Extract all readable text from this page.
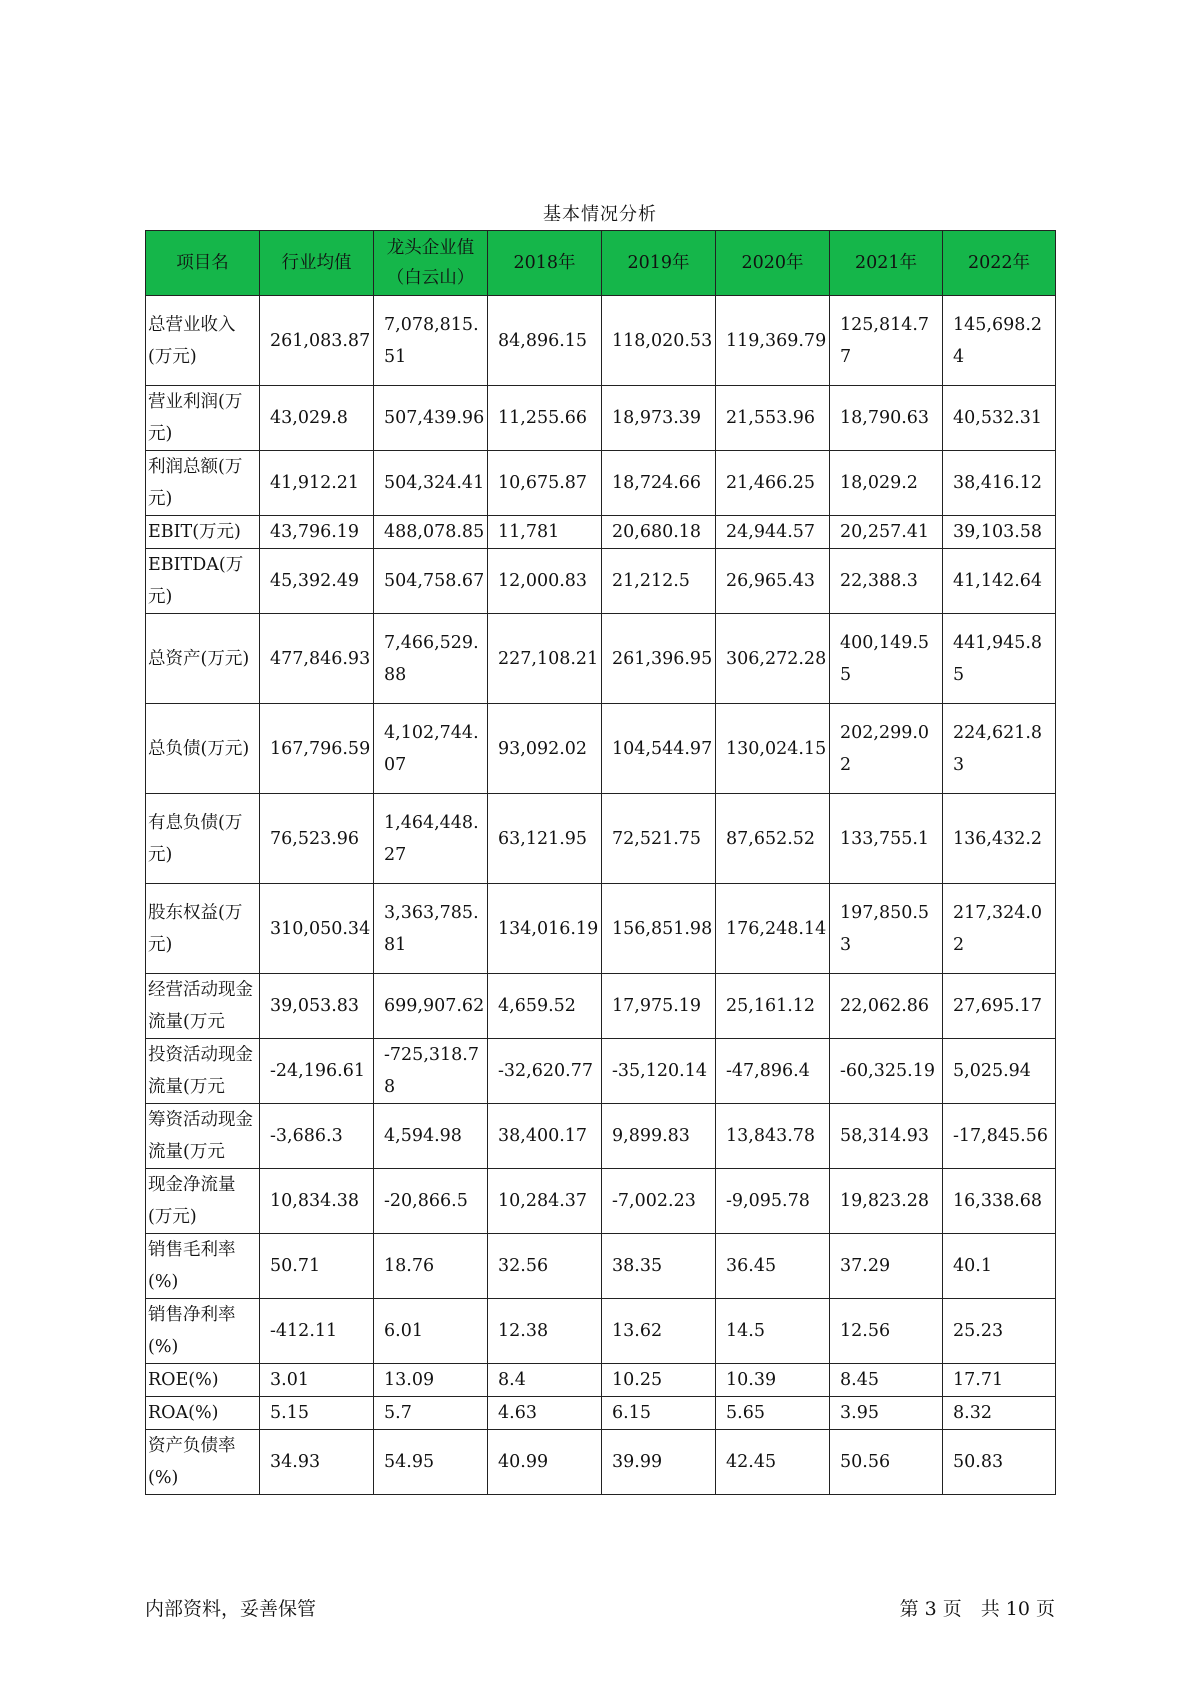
基本情况分析
项目名	行业均值	龙头企业值（白云山）	2018年	2019年	2020年	2021年	2022年
总营业收入(万元)	261,083.87	7,078,815.51	84,896.15	118,020.53	119,369.79	125,814.77	145,698.24
营业利润(万元)	43,029.8	507,439.96	11,255.66	18,973.39	21,553.96	18,790.63	40,532.31
利润总额(万元)	41,912.21	504,324.41	10,675.87	18,724.66	21,466.25	18,029.2	38,416.12
EBIT(万元)	43,796.19	488,078.85	11,781	20,680.18	24,944.57	20,257.41	39,103.58
EBITDA(万元)	45,392.49	504,758.67	12,000.83	21,212.5	26,965.43	22,388.3	41,142.64
总资产(万元)	477,846.93	7,466,529.88	227,108.21	261,396.95	306,272.28	400,149.55	441,945.85
总负债(万元)	167,796.59	4,102,744.07	93,092.02	104,544.97	130,024.15	202,299.02	224,621.83
有息负债(万元)	76,523.96	1,464,448.27	63,121.95	72,521.75	87,652.52	133,755.1	136,432.2
股东权益(万元)	310,050.34	3,363,785.81	134,016.19	156,851.98	176,248.14	197,850.53	217,324.02
经营活动现金流量(万元	39,053.83	699,907.62	4,659.52	17,975.19	25,161.12	22,062.86	27,695.17
投资活动现金流量(万元	-24,196.61	-725,318.78	-32,620.77	-35,120.14	-47,896.4	-60,325.19	5,025.94
筹资活动现金流量(万元	-3,686.3	4,594.98	38,400.17	9,899.83	13,843.78	58,314.93	-17,845.56
现金净流量(万元)	10,834.38	-20,866.5	10,284.37	-7,002.23	-9,095.78	19,823.28	16,338.68
销售毛利率(%)	50.71	18.76	32.56	38.35	36.45	37.29	40.1
销售净利率(%)	-412.11	6.01	12.38	13.62	14.5	12.56	25.23
ROE(%)	3.01	13.09	8.4	10.25	10.39	8.45	17.71
ROA(%)	5.15	5.7	4.63	6.15	5.65	3.95	8.32
资产负债率(%)	34.93	54.95	40.99	39.99	42.45	50.56	50.83
内部资料，妥善保管	第 3 页　共 10 页
